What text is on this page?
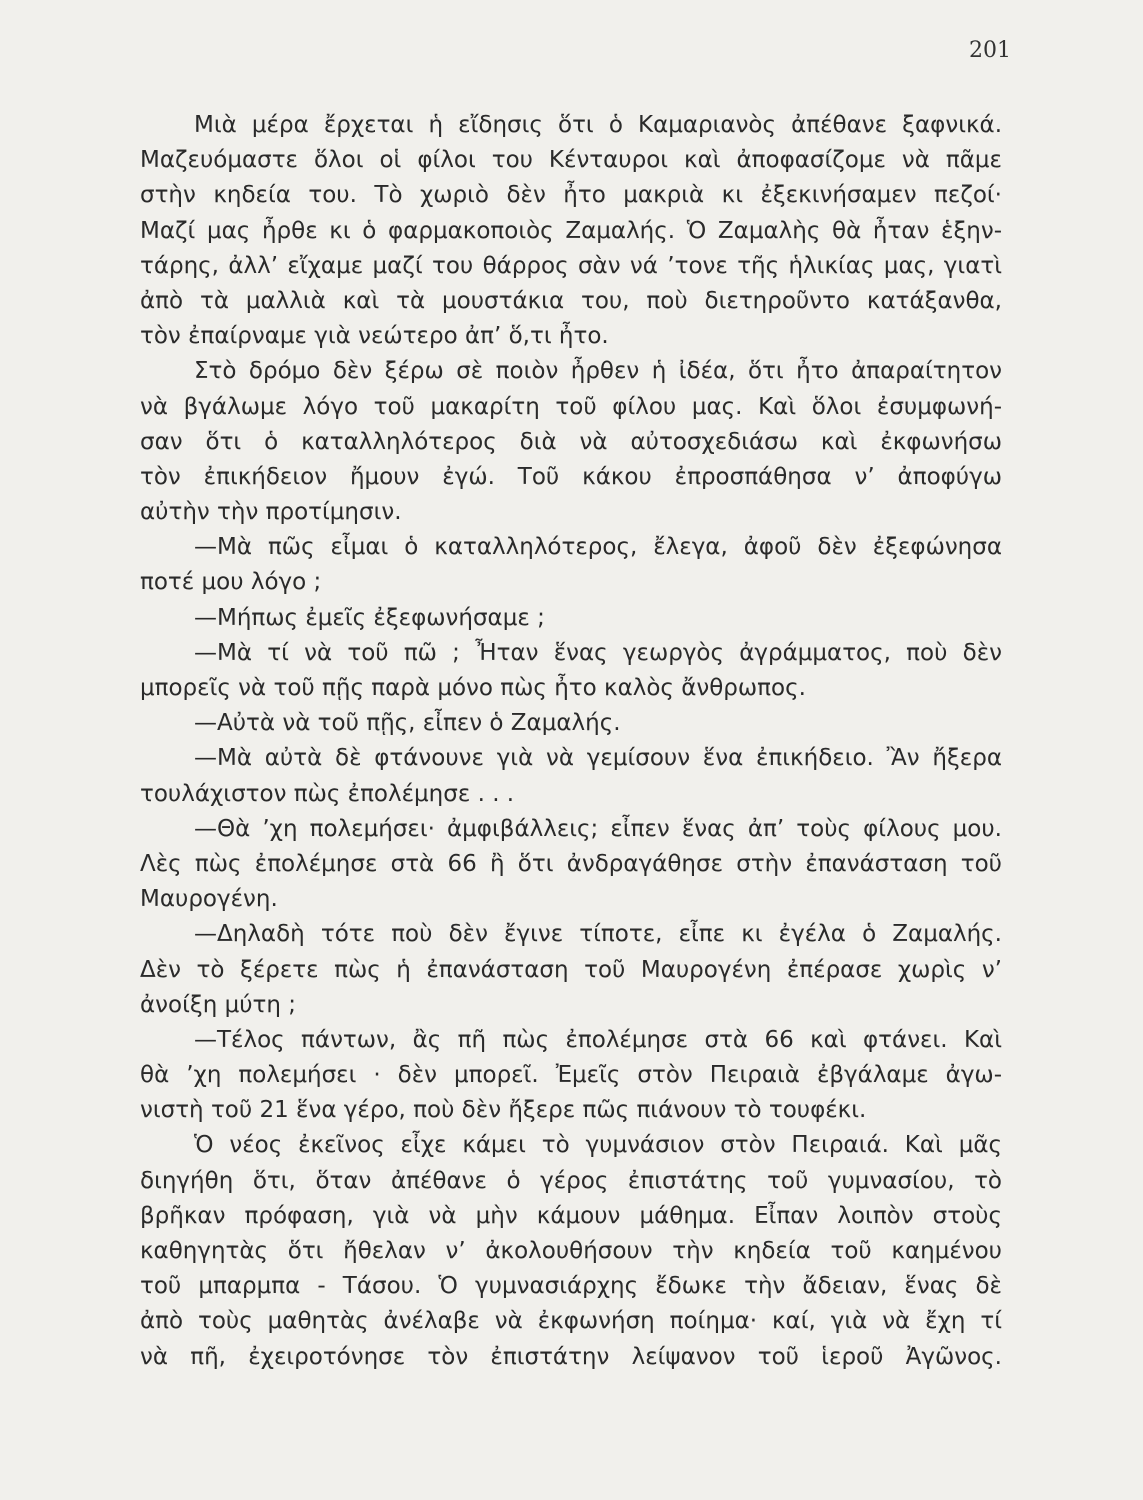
201
Μιὰ μέρα ἔρχεται ἡ εἴδησις ὅτι ὁ Καμαριανὸς ἀπέθανε ξαφνικά.
Μαζευόμαστε ὅλοι οἱ φίλοι του Κένταυροι καὶ ἀποφασίζομε νὰ πᾶμε
στὴν κηδεία του. Τὸ χωριὸ δὲν ἦτο μακριὰ κι ἐξεκινήσαμεν πεζοί·
Μαζί μας ἦρθε κι ὁ φαρμακοποιὸς Ζαμαλής. Ὁ Ζαμαλὴς θὰ ἦταν ἑξην-
τάρης, ἀλλ’ εἴχαμε μαζί του θάρρος σὰν νά ’τονε τῆς ἡλικίας μας, γιατὶ
ἀπὸ τὰ μαλλιὰ καὶ τὰ μουστάκια του, ποὺ διετηροῦντο κατάξανθα,
τὸν ἐπαίρναμε γιὰ νεώτερο ἀπ’ ὅ,τι ἦτο.
Στὸ δρόμο δὲν ξέρω σὲ ποιὸν ἦρθεν ἡ ἰδέα, ὅτι ἦτο ἀπαραίτητον
νὰ βγάλωμε λόγο τοῦ μακαρίτη τοῦ φίλου μας. Καὶ ὅλοι ἐσυμφωνή-
σαν ὅτι ὁ καταλληλότερος διὰ νὰ αὐτοσχεδιάσω καὶ ἐκφωνήσω
τὸν ἐπικήδειον ἤμουν ἐγώ. Τοῦ κάκου ἐπροσπάθησα ν’ ἀποφύγω
αὐτὴν τὴν προτίμησιν.
—Μὰ πῶς εἶμαι ὁ καταλληλότερος, ἔλεγα, ἀφοῦ δὲν ἐξεφώνησα
ποτέ μου λόγο ;
—Μήπως ἐμεῖς ἐξεφωνήσαμε ;
—Μὰ τί νὰ τοῦ πῶ ; Ἦταν ἕνας γεωργὸς ἀγράμματος, ποὺ δὲν
μπορεῖς νὰ τοῦ πῇς παρὰ μόνο πὼς ἦτο καλὸς ἄνθρωπος.
—Αὐτὰ νὰ τοῦ πῇς, εἶπεν ὁ Ζαμαλής.
—Μὰ αὐτὰ δὲ φτάνουνε γιὰ νὰ γεμίσουν ἕνα ἐπικήδειο. Ἂν ἤξερα
τουλάχιστον πὼς ἐπολέμησε . . .
—Θὰ ’χη πολεμήσει· ἀμφιβάλλεις; εἶπεν ἕνας ἀπ’ τοὺς φίλους μου.
Λὲς πὼς ἐπολέμησε στὰ 66 ἢ ὅτι ἀνδραγάθησε στὴν ἐπανάσταση τοῦ
Μαυρογένη.
—Δηλαδὴ τότε ποὺ δὲν ἔγινε τίποτε, εἶπε κι ἐγέλα ὁ Ζαμαλής.
Δὲν τὸ ξέρετε πὼς ἡ ἐπανάσταση τοῦ Μαυρογένη ἐπέρασε χωρὶς ν’
ἀνοίξη μύτη ;
—Τέλος πάντων, ἂς πῆ πὼς ἐπολέμησε στὰ 66 καὶ φτάνει. Καὶ
θὰ ’χη πολεμήσει · δὲν μπορεῖ. Ἐμεῖς στὸν Πειραιὰ ἐβγάλαμε ἀγω-
νιστὴ τοῦ 21 ἕνα γέρο, ποὺ δὲν ἤξερε πῶς πιάνουν τὸ τουφέκι.
Ὁ νέος ἐκεῖνος εἶχε κάμει τὸ γυμνάσιον στὸν Πειραιά. Καὶ μᾶς
διηγήθη ὅτι, ὅταν ἀπέθανε ὁ γέρος ἐπιστάτης τοῦ γυμνασίου, τὸ
βρῆκαν πρόφαση, γιὰ νὰ μὴν κάμουν μάθημα. Εἶπαν λοιπὸν στοὺς
καθηγητὰς ὅτι ἤθελαν ν’ ἀκολουθήσουν τὴν κηδεία τοῦ καημένου
τοῦ μπαρμπα - Τάσου. Ὁ γυμνασιάρχης ἔδωκε τὴν ἄδειαν, ἕνας δὲ
ἀπὸ τοὺς μαθητὰς ἀνέλαβε νὰ ἐκφωνήση ποίημα· καί, γιὰ νὰ ἔχη τί
νὰ πῆ, ἐχειροτόνησε τὸν ἐπιστάτην λείψανον τοῦ ἱεροῦ Ἀγῶνος.
